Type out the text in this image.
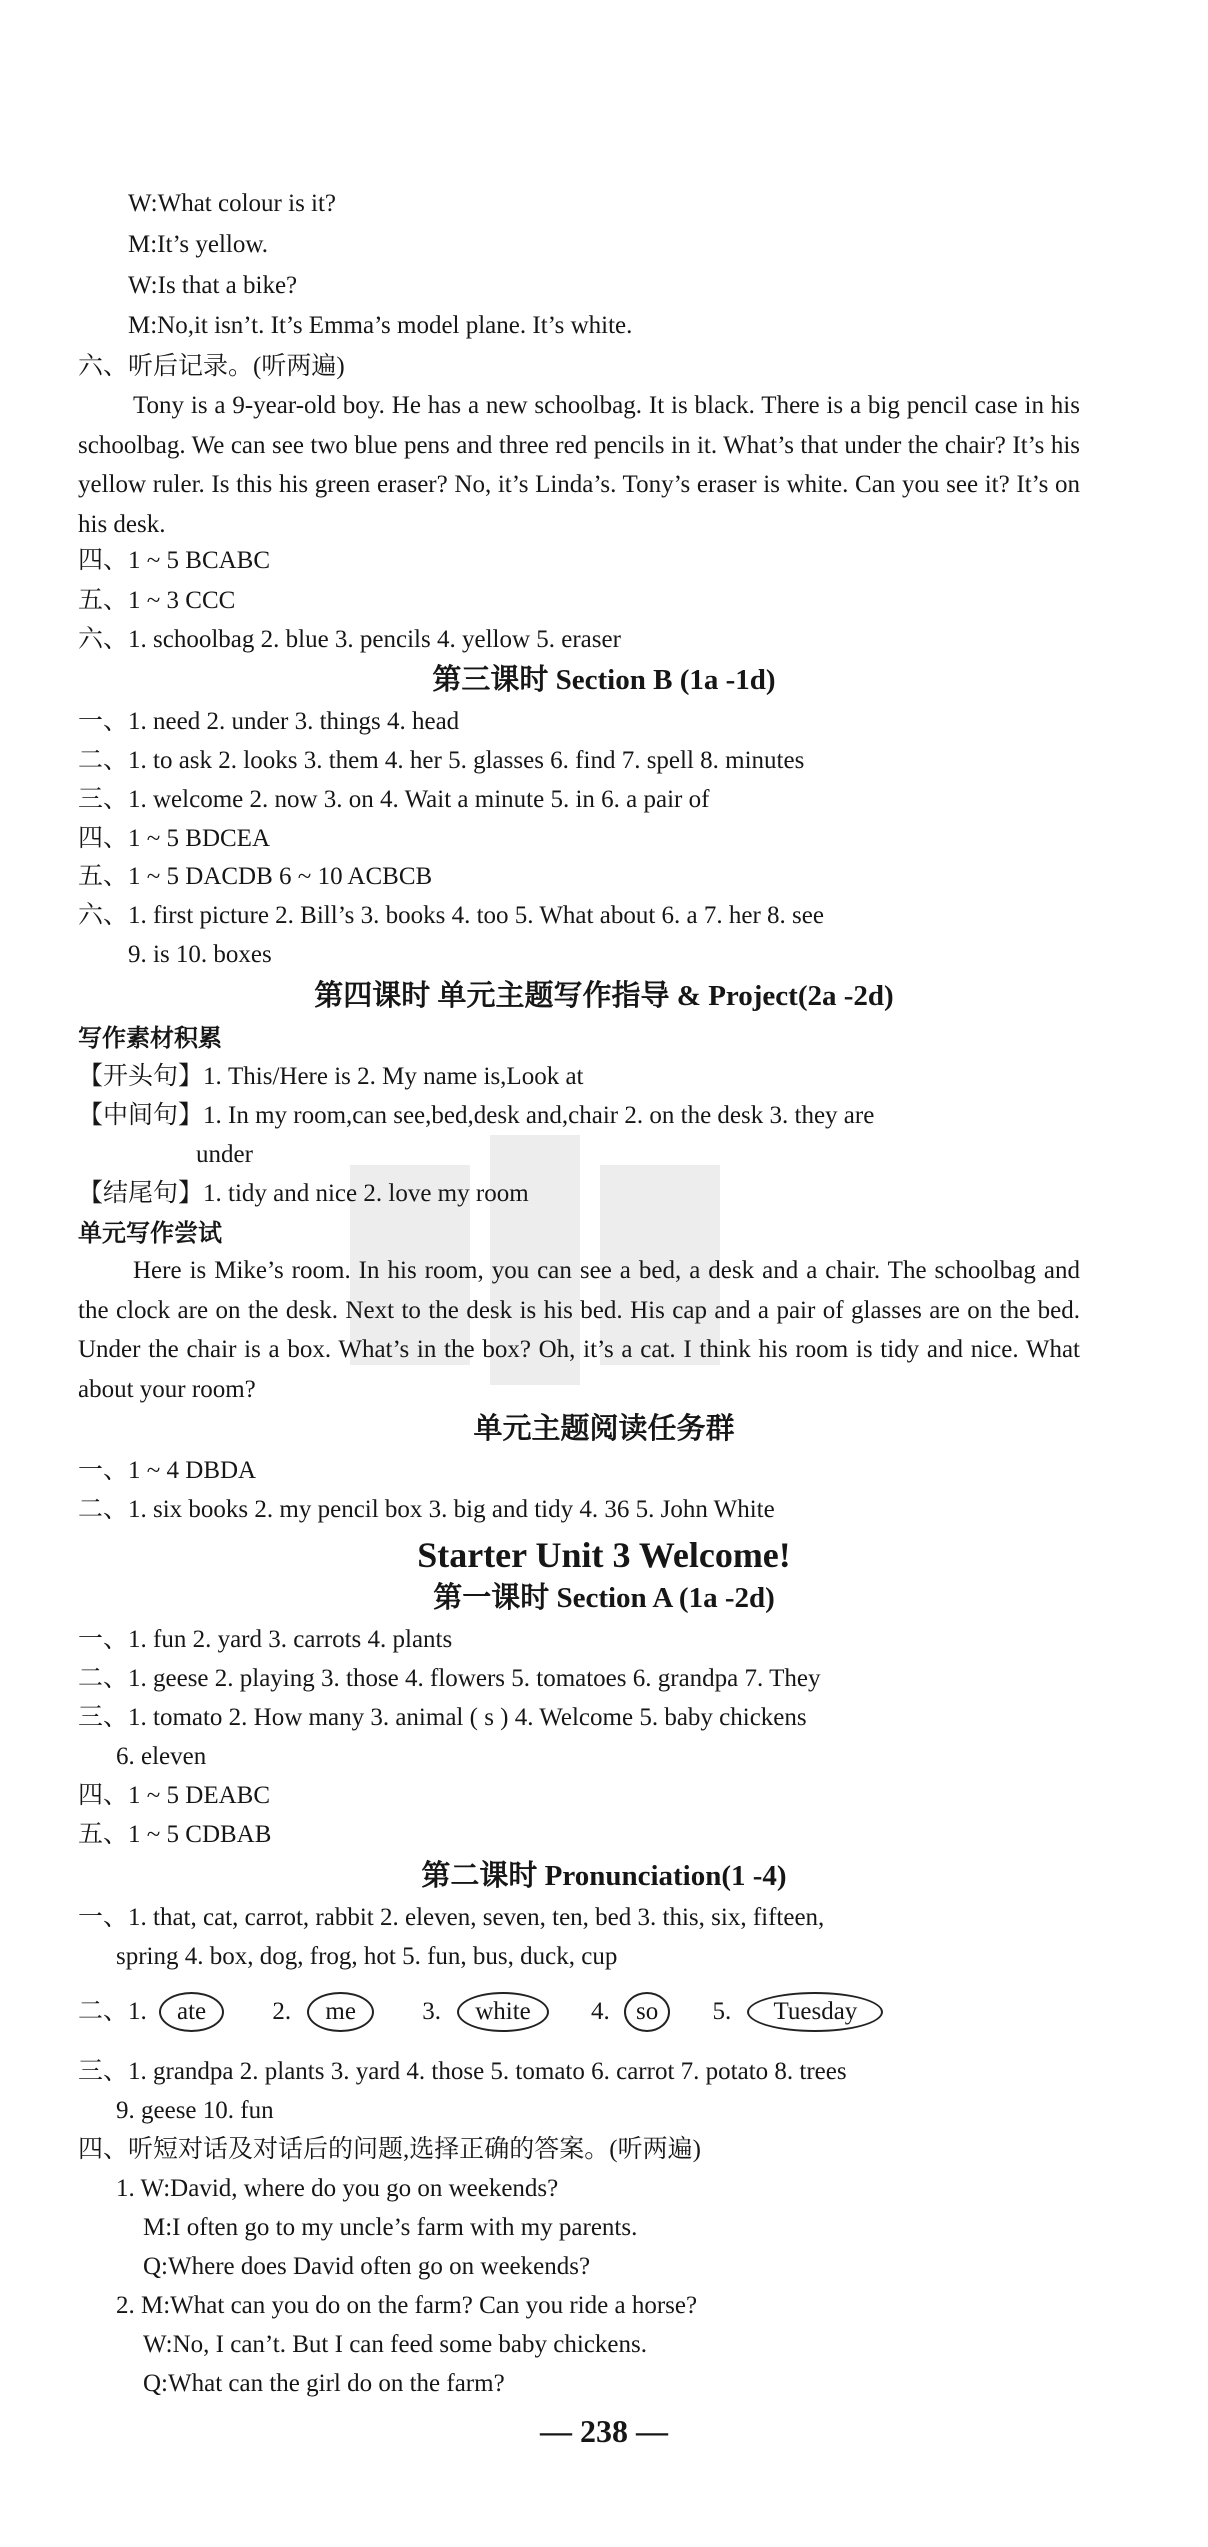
W:What colour is it?
M:It’s yellow.
W:Is that a bike?
M:No,it isn’t. It’s Emma’s model plane. It’s white.
六、听后记录。(听两遍)
Tony is a 9-year-old boy. He has a new schoolbag. It is black. There is a big pencil case in his schoolbag. We can see two blue pens and three red pencils in it. What’s that under the chair? It’s his yellow ruler. Is this his green eraser? No, it’s Linda’s. Tony’s eraser is white. Can you see it? It’s on his desk.
四、1 ~ 5 BCABC
五、1 ~ 3 CCC
六、1. schoolbag 2. blue 3. pencils 4. yellow 5. eraser
第三课时 Section B (1a -1d)
一、1. need 2. under 3. things 4. head
二、1. to ask 2. looks 3. them 4. her 5. glasses 6. find 7. spell 8. minutes
三、1. welcome 2. now 3. on 4. Wait a minute 5. in 6. a pair of
四、1 ~ 5 BDCEA
五、1 ~ 5 DACDB 6 ~ 10 ACBCB
六、1. first picture 2. Bill’s 3. books 4. too 5. What about 6. a 7. her 8. see
9. is 10. boxes
第四课时 单元主题写作指导 & Project(2a -2d)
写作素材积累
【开头句】1. This/Here is 2. My name is,Look at
【中间句】1. In my room,can see,bed,desk and,chair 2. on the desk 3. they are
under
【结尾句】1. tidy and nice 2. love my room
单元写作尝试
Here is Mike’s room. In his room, you can see a bed, a desk and a chair. The schoolbag and the clock are on the desk. Next to the desk is his bed. His cap and a pair of glasses are on the bed. Under the chair is a box. What’s in the box? Oh, it’s a cat. I think his room is tidy and nice. What about your room?
单元主题阅读任务群
一、1 ~ 4 DBDA
二、1. six books 2. my pencil box 3. big and tidy 4. 36 5. John White
Starter Unit 3 Welcome!
第一课时 Section A (1a -2d)
一、1. fun 2. yard 3. carrots 4. plants
二、1. geese 2. playing 3. those 4. flowers 5. tomatoes 6. grandpa 7. They
三、1. tomato 2. How many 3. animal ( s ) 4. Welcome 5. baby chickens
6. eleven
四、1 ~ 5 DEABC
五、1 ~ 5 CDBAB
第二课时 Pronunciation(1 -4)
一、1. that, cat, carrot, rabbit 2. eleven, seven, ten, bed 3. this, six, fifteen,
spring 4. box, dog, frog, hot 5. fun, bus, duck, cup
二、1. ate	2. me	3. white 4. so 5. Tuesday
三、1. grandpa 2. plants 3. yard 4. those 5. tomato 6. carrot 7. potato 8. trees
9. geese 10. fun
四、听短对话及对话后的问题,选择正确的答案。(听两遍)
1. W:David, where do you go on weekends?
M:I often go to my uncle’s farm with my parents.
Q:Where does David often go on weekends?
2. M:What can you do on the farm? Can you ride a horse?
W:No, I can’t. But I can feed some baby chickens.
Q:What can the girl do on the farm?
— 238 —
